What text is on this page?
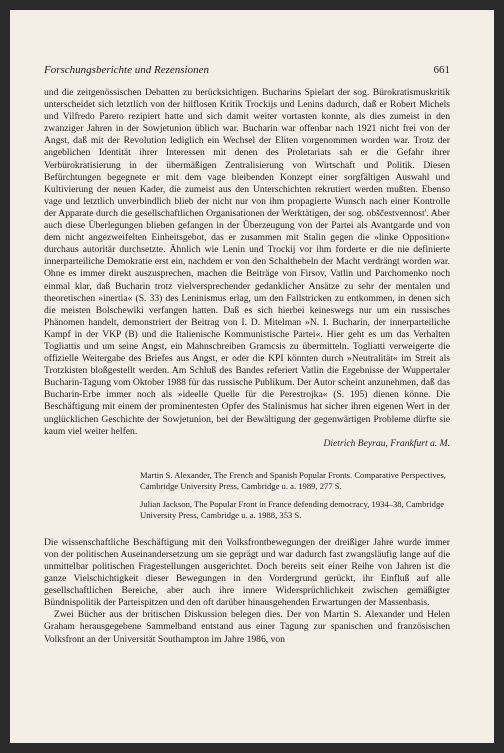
Forschungsberichte und Rezensionen	661

und die zeitgenössischen Debatten zu berücksichtigen. Bucharins Spielart der sog. Bürokratismuskritik unterscheidet sich letztlich von der hilflosen Kritik Trockijs und Lenins dadurch, daß er Robert Michels und Vilfredo Pareto rezipiert hatte und sich damit weiter vortasten konnte, als dies zumeist in den zwanziger Jahren in der Sowjetunion üblich war. Bucharin war offenbar nach 1921 nicht frei von der Angst, daß mit der Revolution lediglich ein Wechsel der Eliten vorgenommen worden war. Trotz der angeblichen Identität ihrer Interessen mit denen des Proletariats sah er die Gefahr ihrer Verbürokratisierung in der übermäßigen Zentralisierung von Wirtschaft und Politik. Diesen Befürchtungen begegnete er mit dem vage bleibenden Konzept einer sorgfältigen Auswahl und Kultivierung der neuen Kader, die zumeist aus den Unterschichten rekrutiert werden mußten. Ebenso vage und letztlich unverbindlich blieb der nicht nur von ihm propagierte Wunsch nach einer Kontrolle der Apparate durch die gesellschaftlichen Organisationen der Werktätigen, der sog. obščestvennost'. Aber auch diese Überlegungen blieben gefangen in der Überzeugung von der Partei als Avantgarde und von dem nicht angezweifelten Einheitsgebot, das er zusammen mit Stalin gegen die »linke Opposition« durchaus autoritär durchsetzte. Ähnlich wie Lenin und Trockij vor ihm forderte er die nie definierte innerparteiliche Demokratie erst ein, nachdem er von den Schalthebeln der Macht verdrängt worden war. Ohne es immer direkt auszusprechen, machen die Beiträge von Firsov, Vatlin und Parchomenko noch einmal klar, daß Bucharin trotz vielversprechender gedanklicher Ansätze zu sehr der mentalen und theoretischen »inertia« (S. 33) des Leninismus erlag, um den Fallstricken zu entkommen, in denen sich die meisten Bolschewiki verfangen hatten. Daß es sich hierbei keineswegs nur um ein russisches Phänomen handelt, demonstriert der Beitrag von I. D. Mitelman »N. I. Bucharin, der innerparteiliche Kampf in der VKP (B) und die Italienische Kommunistische Partei«. Hier geht es um das Verhalten Togliattis und um seine Angst, ein Mahnschreiben Gramcsis zu übermitteln. Togliatti verweigerte die offizielle Weitergabe des Briefes aus Angst, er oder die KPI könnten durch »Neutralität« im Streit als Trotzkisten bloßgestellt werden. Am Schluß des Bandes referiert Vatlin die Ergebnisse der Wuppertaler Bucharin-Tagung vom Oktober 1988 für das russische Publikum. Der Autor scheint anzunehmen, daß das Bucharin-Erbe immer noch als »ideelle Quelle für die Perestrojka« (S. 195) dienen könne. Die Beschäftigung mit einem der prominentesten Opfer des Stalinismus hat sicher ihren eigenen Wert in der unglücklichen Geschichte der Sowjetunion, bei der Bewältigung der gegenwärtigen Probleme dürfte sie kaum viel weiter helfen.

Dietrich Beyrau, Frankfurt a. M.

Martin S. Alexander, The French and Spanish Popular Fronts. Comparative Perspectives, Cambridge University Press, Cambridge u. a. 1989, 277 S.

Julian Jackson, The Popular Front in France defending democracy, 1934–38, Cambridge University Press, Cambridge u. a. 1988, 353 S.

Die wissenschaftliche Beschäftigung mit den Volksfrontbewegungen der dreißiger Jahre wurde immer von der politischen Auseinandersetzung um sie geprägt und war dadurch fast zwangsläufig lange auf die unmittelbar politischen Fragestellungen ausgerichtet. Doch bereits seit einer Reihe von Jahren ist die ganze Vielschichtigkeit dieser Bewegungen in den Vordergrund gerückt, ihr Einfluß auf alle gesellschaftlichen Bereiche, aber auch ihre innere Widersprüchlichkeit zwischen gemäßigter Bündnispolitik der Parteispitzen und den oft darüber hinausgehenden Erwartungen der Massenbasis.

Zwei Bücher aus der britischen Diskussion belegen dies. Der von Martin S. Alexander und Helen Graham herausgegebene Sammelband entstand aus einer Tagung zur spanischen und französischen Volksfront an der Universität Southampton im Jahre 1986, von
